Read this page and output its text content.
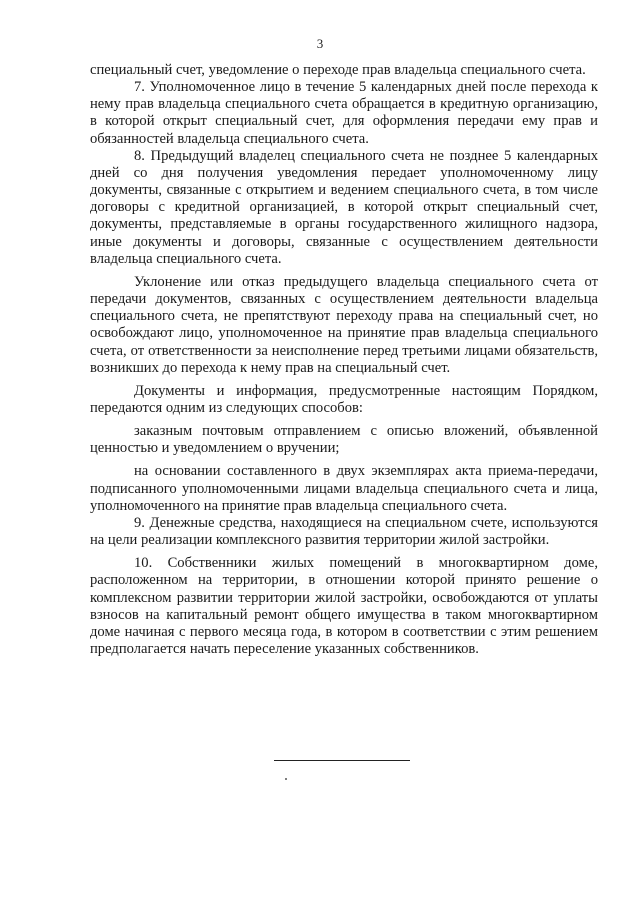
3

специальный счет, уведомление о переходе прав владельца специального счета.

7. Уполномоченное лицо в течение 5 календарных дней после перехода к нему прав владельца специального счета обращается в кредитную организацию, в которой открыт специальный счет, для оформления передачи ему прав и обязанностей владельца специального счета.

8. Предыдущий владелец специального счета не позднее 5 календарных дней со дня получения уведомления передает уполномоченному лицу документы, связанные с открытием и ведением специального счета, в том числе договоры с кредитной организацией, в которой открыт специальный счет, документы, представляемые в органы государственного жилищного надзора, иные документы и договоры, связанные с осуществлением деятельности владельца специального счета.

Уклонение или отказ предыдущего владельца специального счета от передачи документов, связанных с осуществлением деятельности владельца специального счета, не препятствуют переходу права на специальный счет, но освобождают лицо, уполномоченное на принятие прав владельца специального счета, от ответственности за неисполнение перед третьими лицами обязательств, возникших до перехода к нему прав на специальный счет.

Документы и информация, предусмотренные настоящим Порядком, передаются одним из следующих способов:

заказным почтовым отправлением с описью вложений, объявленной ценностью и уведомлением о вручении;

на основании составленного в двух экземплярах акта приема-передачи, подписанного уполномоченными лицами владельца специального счета и лица, уполномоченного на принятие прав владельца специального счета.

9. Денежные средства, находящиеся на специальном счете, используются на цели реализации комплексного развития территории жилой застройки.

10. Собственники жилых помещений в многоквартирном доме, расположенном на территории, в отношении которой принято решение о комплексном развитии территории жилой застройки, освобождаются от уплаты взносов на капитальный ремонт общего имущества в таком многоквартирном доме начиная с первого месяца года, в котором в соответствии с этим решением предполагается начать переселение указанных собственников.
